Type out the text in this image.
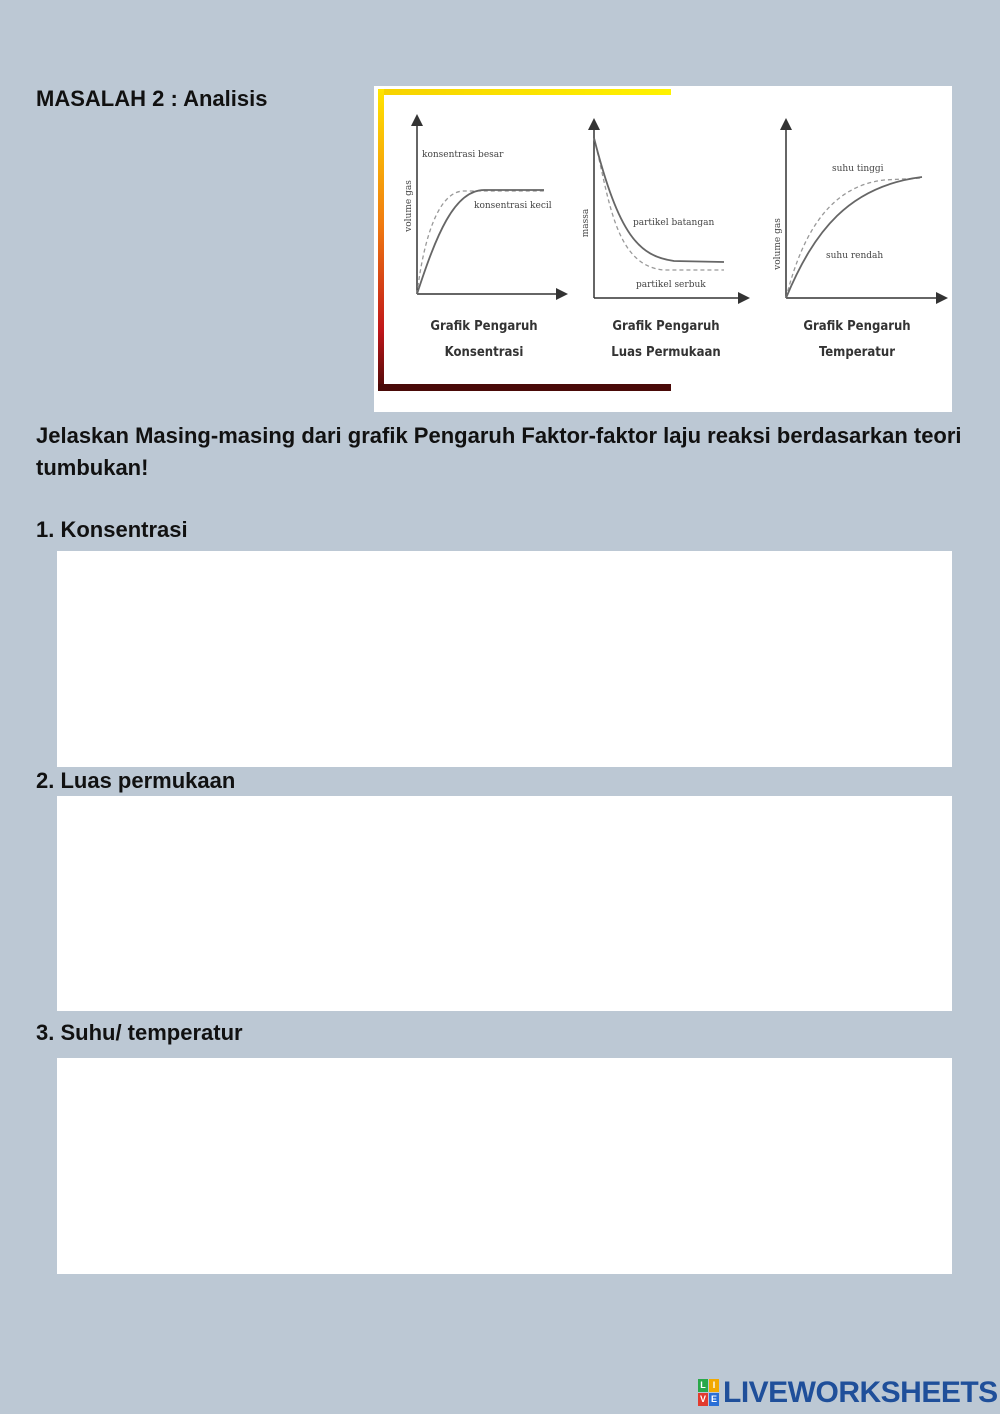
MASALAH 2 : Analisis
volume gas
konsentrasi besar
konsentrasi kecil
Grafik Pengaruh
Konsentrasi
massa	partikel batangan
partikel serbuk
Grafik Pengaruh
Luas Permukaan
volume gas
suhu tinggi
suhu rendah
Grafik Pengaruh
Temperatur
Jelaskan Masing-masing dari grafik Pengaruh Faktor-faktor laju reaksi berdasarkan teori tumbukan!
1. Konsentrasi
2. Luas permukaan
3. Suhu/ temperatur
L I
V E LIVEWORKSHEETS
